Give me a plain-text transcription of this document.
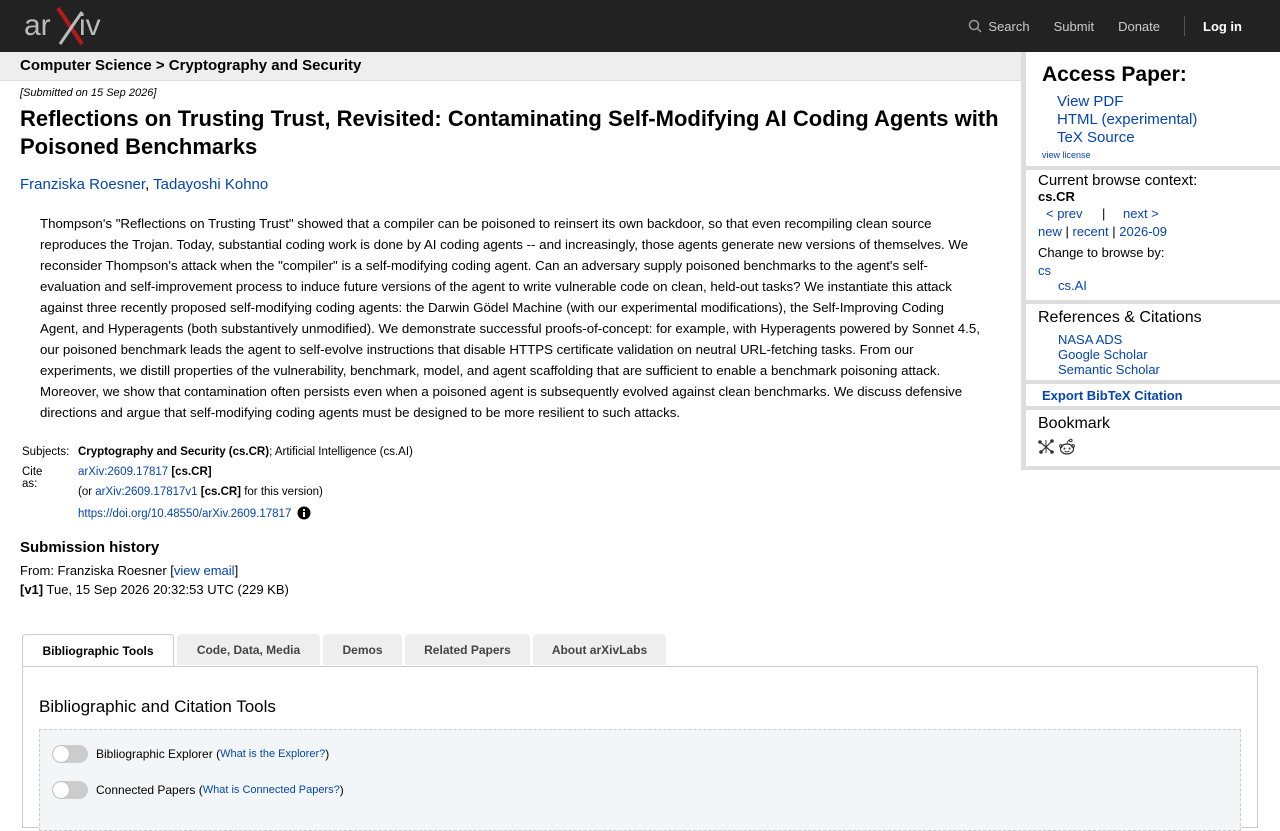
ar iv	Search Submit Donate	Log in
Computer Science > Cryptography and Security
[Submitted on 15 Sep 2026]
Reflections on Trusting Trust, Revisited: Contaminating Self-Modifying AI Coding Agents with Poisoned Benchmarks
Franziska Roesner, Tadayoshi Kohno
Thompson's "Reflections on Trusting Trust" showed that a compiler can be poisoned to reinsert its own backdoor, so that even recompiling clean source reproduces the Trojan. Today, substantial coding work is done by AI coding agents -- and increasingly, those agents generate new versions of themselves. We reconsider Thompson's attack when the "compiler" is a self-modifying coding agent. Can an adversary supply poisoned benchmarks to the agent's self-evaluation and self-improvement process to induce future versions of the agent to write vulnerable code on clean, held-out tasks? We instantiate this attack against three recently proposed self-modifying coding agents: the Darwin Gödel Machine (with our experimental modifications), the Self-Improving Coding Agent, and Hyperagents (both substantively unmodified). We demonstrate successful proofs-of-concept: for example, with Hyperagents powered by Sonnet 4.5, our poisoned benchmark leads the agent to self-evolve instructions that disable HTTPS certificate validation on neutral URL-fetching tasks. From our experiments, we distill properties of the vulnerability, benchmark, model, and agent scaffolding that are sufficient to enable a benchmark poisoning attack. Moreover, we show that contamination often persists even when a poisoned agent is subsequently evolved against clean benchmarks. We discuss defensive directions and argue that self-modifying coding agents must be designed to be more resilient to such attacks.
Subjects: Cryptography and Security (cs.CR); Artificial Intelligence (cs.AI)
Cite as:
arXiv:2609.17817 [cs.CR]
(or arXiv:2609.17817v1 [cs.CR] for this version)
https://doi.org/10.48550/arXiv.2609.17817
Submission history
From: Franziska Roesner [view email]
[v1] Tue, 15 Sep 2026 20:32:53 UTC (229 KB)
Bibliographic Tools	Code, Data, Media	Demos	Related Papers	About arXivLabs
Bibliographic and Citation Tools
Bibliographic Explorer
( What is the Explorer? )
Connected Papers
( What is Connected Papers? )
Access Paper:
View PDF
HTML (experimental)
TeX Source
view license
Current browse context:
cs.CR
< prev | next >
new | recent | 2026-09
Change to browse by:
cs
cs.AI
References & Citations
NASA ADS
Google Scholar
Semantic Scholar
Export BibTeX Citation
Bookmark
